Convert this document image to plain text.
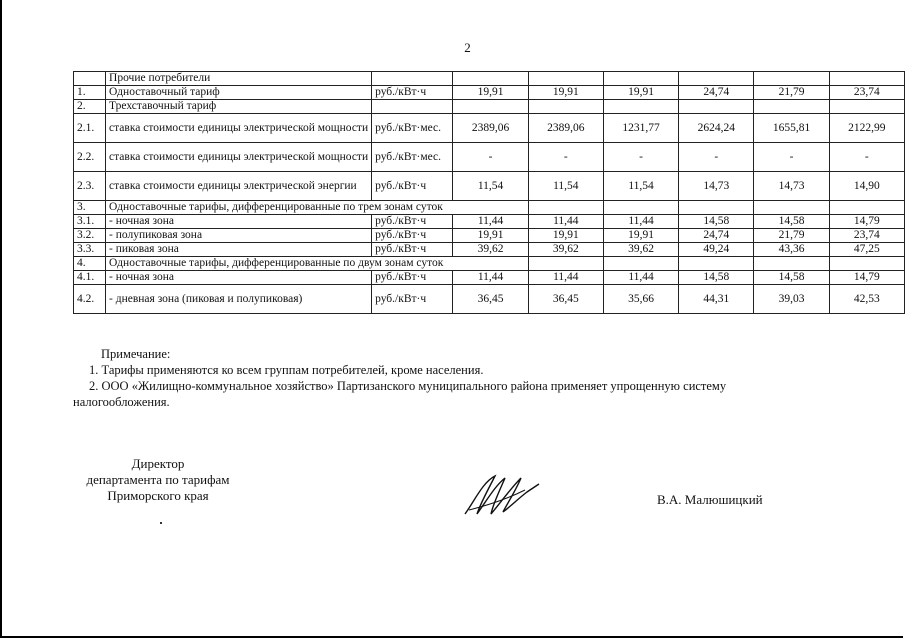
2
	Прочие потребители							
1.	Одноставочный тариф	руб./кВт·ч	19,91	19,91	19,91	24,74	21,79	23,74
2.	Трехставочный тариф							
2.1.	ставка стоимости единицы электрической мощности	руб./кВт·мес.	2389,06	2389,06	1231,77	2624,24	1655,81	2122,99
2.2.	ставка стоимости единицы электрической мощности	руб./кВт·мес.	-	-	-	-	-	-
2.3.	ставка стоимости единицы электрической энергии	руб./кВт·ч	11,54	11,54	11,54	14,73	14,73	14,90
3.	Одноставочные тарифы, дифференцированные по трем зонам суток							
3.1.	- ночная зона	руб./кВт·ч	11,44	11,44	11,44	14,58	14,58	14,79
3.2.	- полупиковая зона	руб./кВт·ч	19,91	19,91	19,91	24,74	21,79	23,74
3.3.	- пиковая зона	руб./кВт·ч	39,62	39,62	39,62	49,24	43,36	47,25
4.	Одноставочные тарифы, дифференцированные по двум зонам суток							
4.1.	- ночная зона	руб./кВт·ч	11,44	11,44	11,44	14,58	14,58	14,79
4.2.	- дневная зона (пиковая и полупиковая)	руб./кВт·ч	36,45	36,45	35,66	44,31	39,03	42,53
Примечание:
1. Тарифы применяются ко всем группам потребителей, кроме населения.
2. ООО «Жилищно-коммунальное хозяйство» Партизанского муниципального района применяет упрощенную систему
налогообложения.
Директор
департамента по тарифам
Приморского края	В.А. Малюшицкий
